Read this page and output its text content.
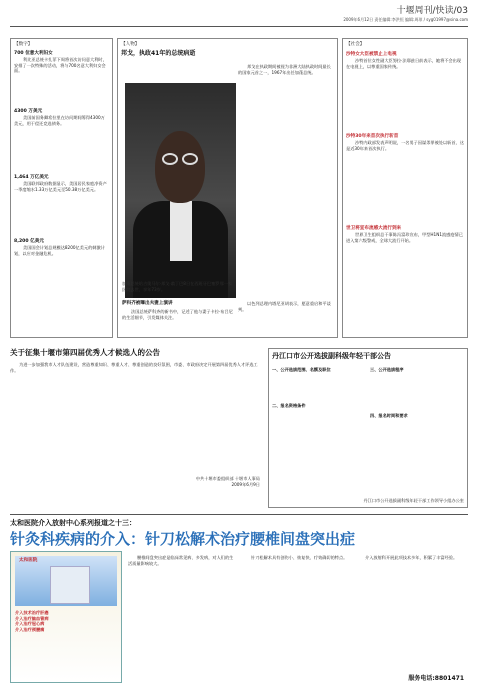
十堰周刊/快读/03
2009年6月12日 责任编辑:李洪恒 编辑:周琼 / syg01997@sina.com
【数字】
700 位意大利妇女

利比亚总统卡扎菲下周将首次访问意大利时，安排了一次特殊的活动，将与700名意大利妇女会面。

4300 万美元

美国前国务卿希拉里在访问期间筹得4300万美元，用于偿还竞选债务。

1,464 万亿美元

美国联邦政府数据显示，美国居民家庭净资产一季度缩水1.33万亿美元至50.38万亿美元。

8,200 亿美元

美国国会计划总规模达8200亿美元的刺激计划，以应对金融危机。

【人物】
邦戈，执政41年的总统病逝
加蓬总统哈吉奥马尔·邦戈·翁丁巴8日在西班牙巴塞罗那一家医院去世，享年73岁。

邦戈在执政期间被视为非洲大陆执政时间最长的国家元首之一，1967年出任加蓬总统。

萨科齐被曝出夫妻上演讲

法国总统萨科齐的新书中，记述了他与妻子卡拉·布吕尼的生活细节，引发媒体关注。

以色列总理内塔尼亚胡表示，愿意重启和平谈判。

【社会】
沙特女大臣被禁止上电视

沙特首位女性副大臣努拉·法耶兹日前表示，她将不会出现在电视上，以尊重国家传统。

沙特30年来首次执行斩首

沙特内政部发表声明说，一名男子因谋杀罪被处以斩首，这是近30年来首次执行。

世卫将宣布流感大流行到来

世界卫生组织总干事陈冯富珍宣布，甲型H1N1流感疫情已进入第六级警戒，全球大流行开始。

关于征集十堰市第四届优秀人才候选人的公告

为进一步加强我市人才队伍建设，营造尊重知识、尊重人才、尊重创造的良好氛围，市委、市政府决定开展第四届优秀人才评选工作。

中共十堰市委组织部 十堰市人事局
2009年6月9日
丹江口市公开选拔副科级年轻干部公告
一、公开选拔范围、名额及职位
二、报名资格条件
三、公开选拔程序
四、报名时间和要求
丹江口市公开选拔副科级年轻干部工作领导小组办公室
太和医院介入放射中心系列报道之十三：
针灸科疾病的介入：针刀松解术治疗腰椎间盘突出症
太和医院
介入技术治疗肝癌
介入治疗脑血管病
介入治疗冠心病
介入治疗颈腰痛

腰椎间盘突出症是临床常见病、多发病，对人们的生活质量影响较大。

针刀松解术具有创伤小、恢复快、疗效确切的特点。	介入放射科开展此项技术多年，积累了丰富经验。

服务电话:8801471
